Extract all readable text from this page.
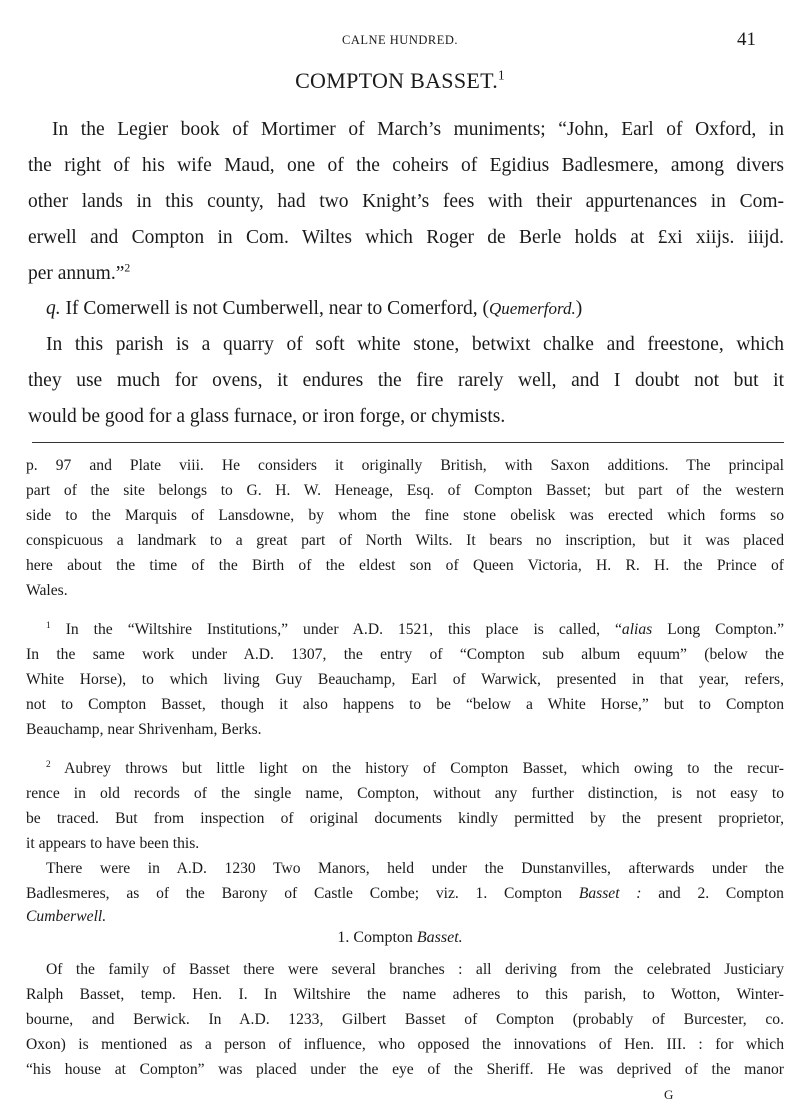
CALNE HUNDRED.	41
COMPTON BASSET.$^1$
In the Legier book of Mortimer of March’s muniments; “John, Earl of Oxford, in
the right of his wife Maud, one of the coheirs of Egidius Badlesmere, among divers
other lands in this county, had two Knight’s fees with their appurtenances in Com-
erwell and Compton in Com. Wiltes which Roger de Berle holds at £xi xiijs. iiijd.
per annum.”$^2$
q. If Comerwell is not Cumberwell, near to Comerford, (Quemerford.)
In this parish is a quarry of soft white stone, betwixt chalke and freestone, which
they use much for ovens, it endures the fire rarely well, and I doubt not but it
would be good for a glass furnace, or iron forge, or chymists.
p. 97 and Plate viii. He considers it originally British, with Saxon additions. The principal
part of the site belongs to G. H. W. Heneage, Esq. of Compton Basset; but part of the western
side to the Marquis of Lansdowne, by whom the fine stone obelisk was erected which forms so
conspicuous a landmark to a great part of North Wilts. It bears no inscription, but it was placed
here about the time of the Birth of the eldest son of Queen Victoria, H. R. H. the Prince of
Wales.
$^1$ In the “Wiltshire Institutions,” under A.D. 1521, this place is called, “alias Long Compton.”
In the same work under A.D. 1307, the entry of “Compton sub album equum” (below the
White Horse), to which living Guy Beauchamp, Earl of Warwick, presented in that year, refers,
not to Compton Basset, though it also happens to be “below a White Horse,” but to Compton
Beauchamp, near Shrivenham, Berks.
$^2$ Aubrey throws but little light on the history of Compton Basset, which owing to the recur-
rence in old records of the single name, Compton, without any further distinction, is not easy to
be traced. But from inspection of original documents kindly permitted by the present proprietor,
it appears to have been this.
There were in A.D. 1230 Two Manors, held under the Dunstanvilles, afterwards under the
Badlesmeres, as of the Barony of Castle Combe; viz. 1. Compton Basset : and 2. Compton
Cumberwell.
1. Compton Basset.
Of the family of Basset there were several branches : all deriving from the celebrated Justiciary
Ralph Basset, temp. Hen. I. In Wiltshire the name adheres to this parish, to Wotton, Winter-
bourne, and Berwick. In A.D. 1233, Gilbert Basset of Compton (probably of Burcester, co.
Oxon) is mentioned as a person of influence, who opposed the innovations of Hen. III. : for which
“his house at Compton” was placed under the eye of the Sheriff. He was deprived of the manor
G
